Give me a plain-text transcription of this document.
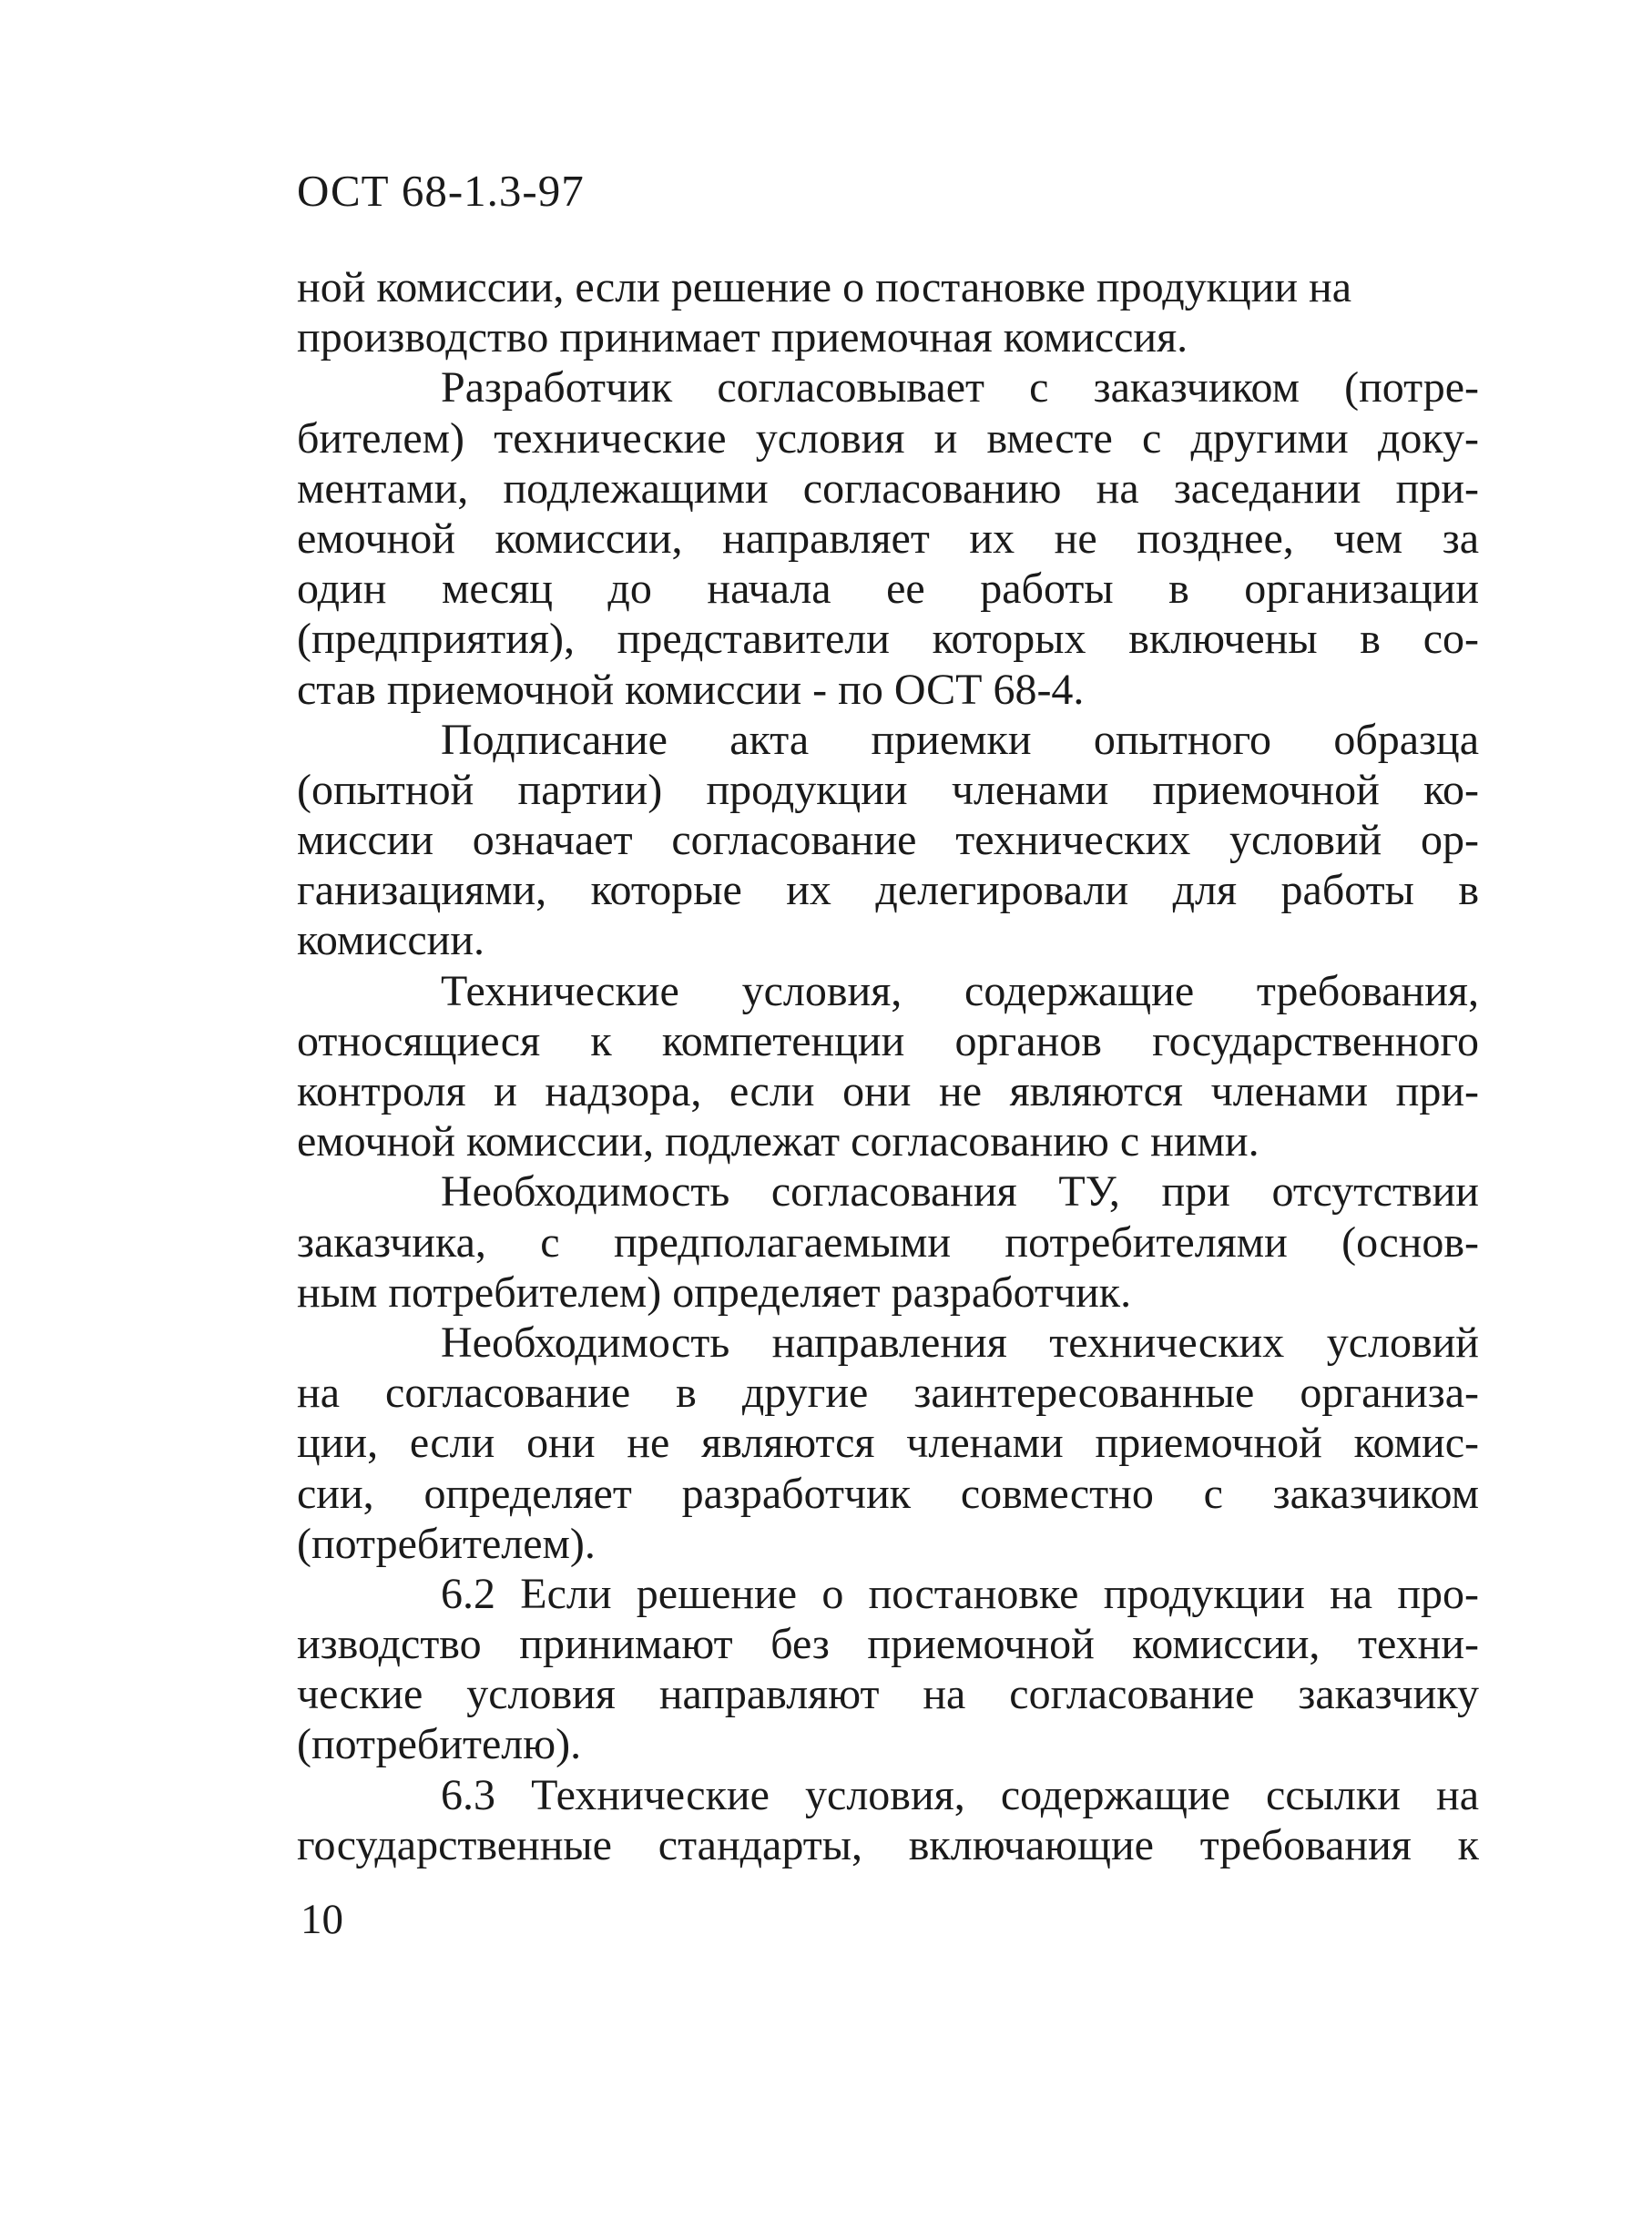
ОСТ 68-1.3-97
ной комиссии, если решение о постановке продукции на
производство принимает приемочная комиссия.
Разработчик согласовывает с заказчиком (потре-
бителем) технические условия и вместе с другими доку-
ментами, подлежащими согласованию на заседании при-
емочной комиссии, направляет их не позднее, чем за
один месяц до начала ее работы в организации
(предприятия), представители которых включены в со-
став приемочной комиссии - по ОСТ 68-4.
Подписание акта приемки опытного образца
(опытной партии) продукции членами приемочной ко-
миссии означает согласование технических условий ор-
ганизациями, которые их делегировали для работы в
комиссии.
Технические условия, содержащие требования,
относящиеся к компетенции органов государственного
контроля и надзора, если они не являются членами при-
емочной комиссии, подлежат согласованию с ними.
Необходимость согласования ТУ, при отсутствии
заказчика, с предполагаемыми потребителями (основ-
ным потребителем) определяет разработчик.
Необходимость направления технических условий
на согласование в другие заинтересованные организа-
ции, если они не являются членами приемочной комис-
сии, определяет разработчик совместно с заказчиком
(потребителем).
6.2 Если решение о постановке продукции на про-
изводство принимают без приемочной комиссии, техни-
ческие условия направляют на согласование заказчику
(потребителю).
6.3 Технические условия, содержащие ссылки на
государственные стандарты, включающие требования к
10
